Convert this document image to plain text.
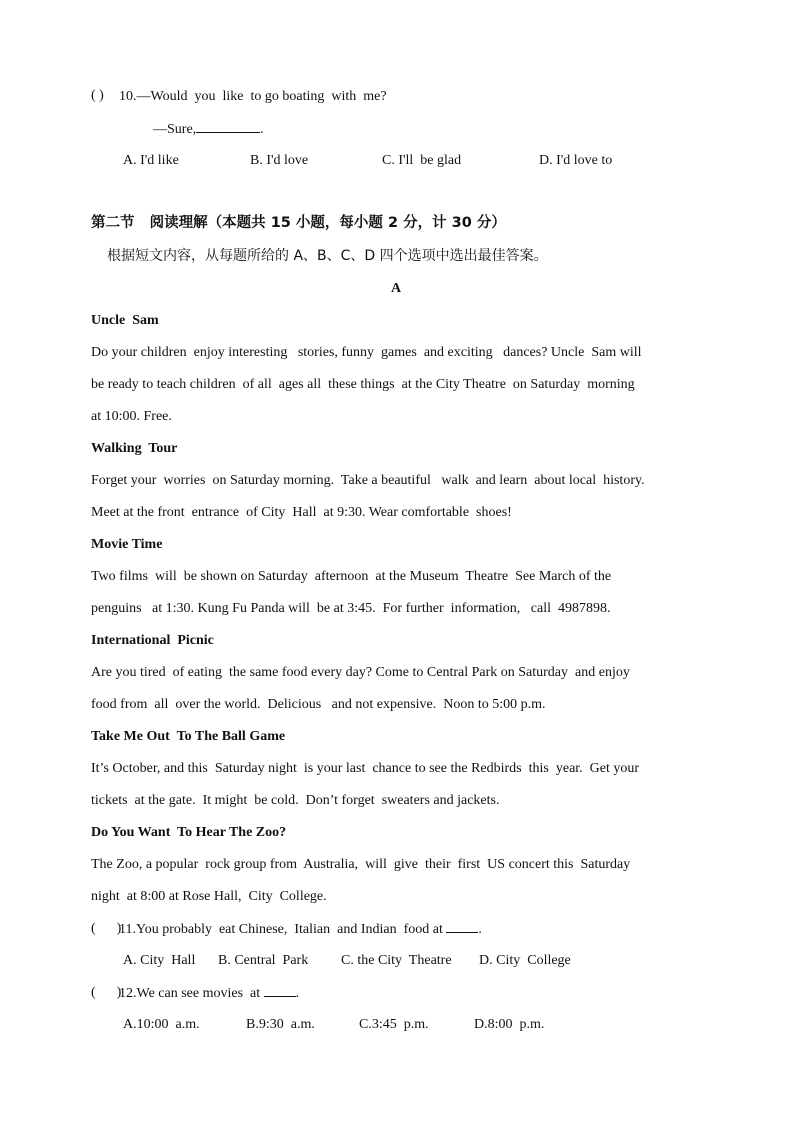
( ) 10.—Would  you  like  to go boating  with  me?
—Sure,	.
A. I'd like	B. I'd love	C. I'll  be glad	D. I'd love to
第二节   阅读理解（本题共 15 小题，每小题 2 分，计 30 分）
根据短文内容，从每题所给的 A、B、C、D 四个选项中选出最佳答案。
A
Uncle  Sam
Do your children  enjoy interesting   stories, funny  games  and exciting   dances? Uncle  Sam will
be ready to teach children  of all  ages all  these things  at the City Theatre  on Saturday  morning
at 10:00. Free.
Walking  Tour
Forget your  worries  on Saturday morning.  Take a beautiful   walk  and learn  about local  history.
Meet at the front  entrance  of City  Hall  at 9:30. Wear comfortable  shoes!
Movie Time
Two films  will  be shown on Saturday  afternoon  at the Museum  Theatre  See March of the
penguins   at 1:30. Kung Fu Panda will  be at 3:45.  For further  information,   call  4987898.
International  Picnic
Are you tired  of eating  the same food every day? Come to Central Park on Saturday  and enjoy
food from  all  over the world.  Delicious   and not expensive.  Noon to 5:00 p.m.
Take Me Out  To The Ball Game
It’s October, and this  Saturday night  is your last  chance to see the Redbirds  this  year.  Get your
tickets  at the gate.  It might  be cold.  Don’t forget  sweaters and jackets.
Do You Want  To Hear The Zoo?
The Zoo, a popular  rock group from  Australia,  will  give  their  first  US concert this  Saturday
night  at 8:00 at Rose Hall,  City  College.
(      )
11.You probably  eat Chinese,  Italian  and Indian  food at	.
A. City  Hall B. Central  Park C. the City  Theatre D. City  College
(      )
12.We can see movies  at	.
A.10:00  a.m.	B.9:30  a.m.	C.3:45  p.m.	D.8:00  p.m.
